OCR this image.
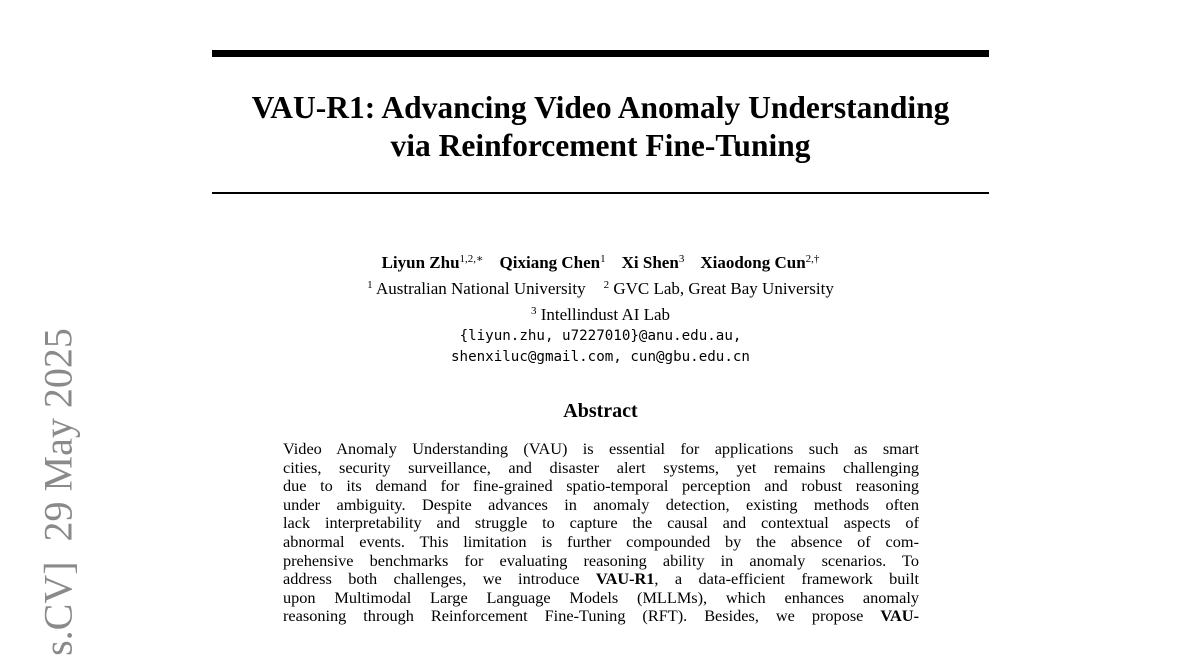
s.CV]  29 May 2025
VAU-R1: Advancing Video Anomaly Understanding
via Reinforcement Fine-Tuning
Liyun Zhu$^{1,2,∗}$ Qixiang Chen$^1$ Xi Shen$^3$ Xiaodong Cun$^{2,\dagger}$
$^1$ Australian National University $^2$ GVC Lab, Great Bay University
$^3$ Intellindust AI Lab
{liyun.zhu, u7227010}@anu.edu.au,
shenxiluc@gmail.com, cun@gbu.edu.cn
Abstract
Video Anomaly Understanding (VAU) is essential for applications such as smart
cities, security surveillance, and disaster alert systems, yet remains challenging
due to its demand for fine-grained spatio-temporal perception and robust reasoning
under ambiguity. Despite advances in anomaly detection, existing methods often
lack interpretability and struggle to capture the causal and contextual aspects of
abnormal events. This limitation is further compounded by the absence of com-
prehensive benchmarks for evaluating reasoning ability in anomaly scenarios. To
address both challenges, we introduce VAU-R1, a data-efficient framework built
upon Multimodal Large Language Models (MLLMs), which enhances anomaly
reasoning through Reinforcement Fine-Tuning (RFT). Besides, we propose VAU-
